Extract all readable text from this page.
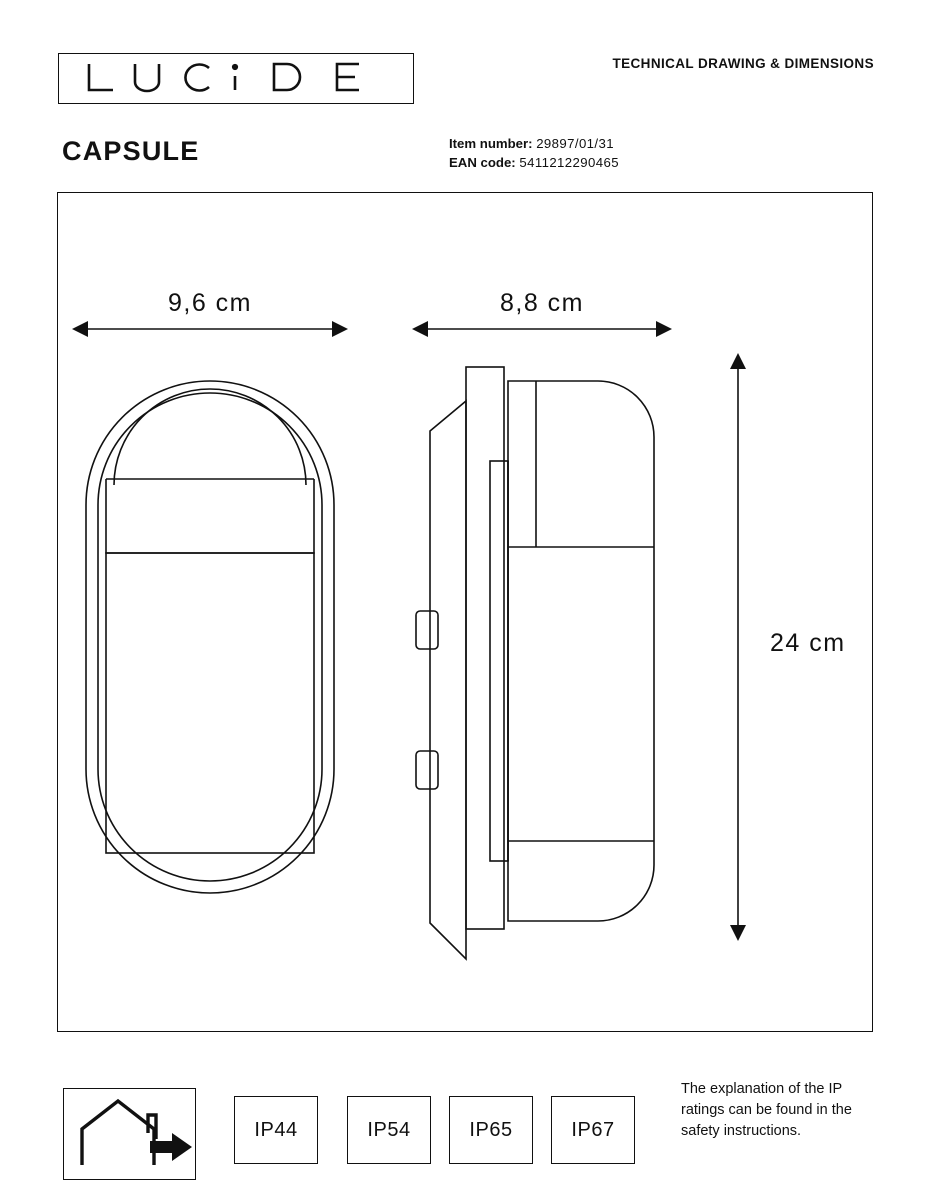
TECHNICAL DRAWING & DIMENSIONS
CAPSULE	Item number: 29897/01/31
EAN code: 5411212290465
9,6 cm	8,8 cm
24 cm
IP44	IP54	IP65	IP67
The explanation of the IP ratings can be found in the safety instructions.
